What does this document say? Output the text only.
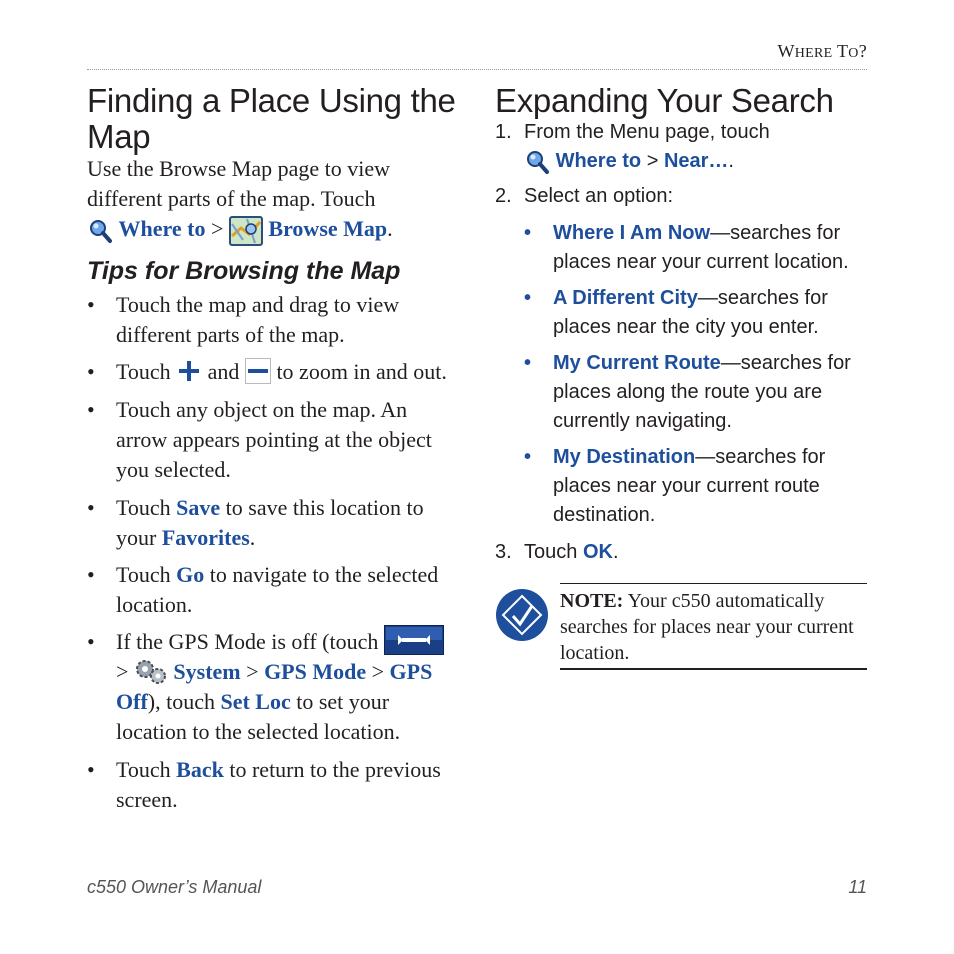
WHERE TO?
Finding a Place Using the
Map
Use the Browse Map page to view
different parts of the map. Touch
Where to > Browse Map.
Tips for Browsing the Map
• Touch the map and drag to view
different parts of the map.
• Touch and to zoom in and out.
• Touch any object on the map. An
arrow appears pointing at the object
you selected.
• Touch Save to save this location to
your Favorites.
• Touch Go to navigate to the selected
location.
• If the GPS Mode is off (touch
> System > GPS Mode > GPS
Off), touch Set Loc to set your
location to the selected location.
• Touch Back to return to the previous
screen.
Expanding Your Search
1. From the Menu page, touch
Where to > Near….
2. Select an option:
• Where I Am Now—searches for
places near your current location.
• A Different City—searches for
places near the city you enter.
• My Current Route—searches for
places along the route you are
currently navigating.
• My Destination—searches for
places near your current route
destination.
3. Touch OK.
NOTE: Your c550 automatically
searches for places near your current
location.
c550 Owner’s Manual	11
